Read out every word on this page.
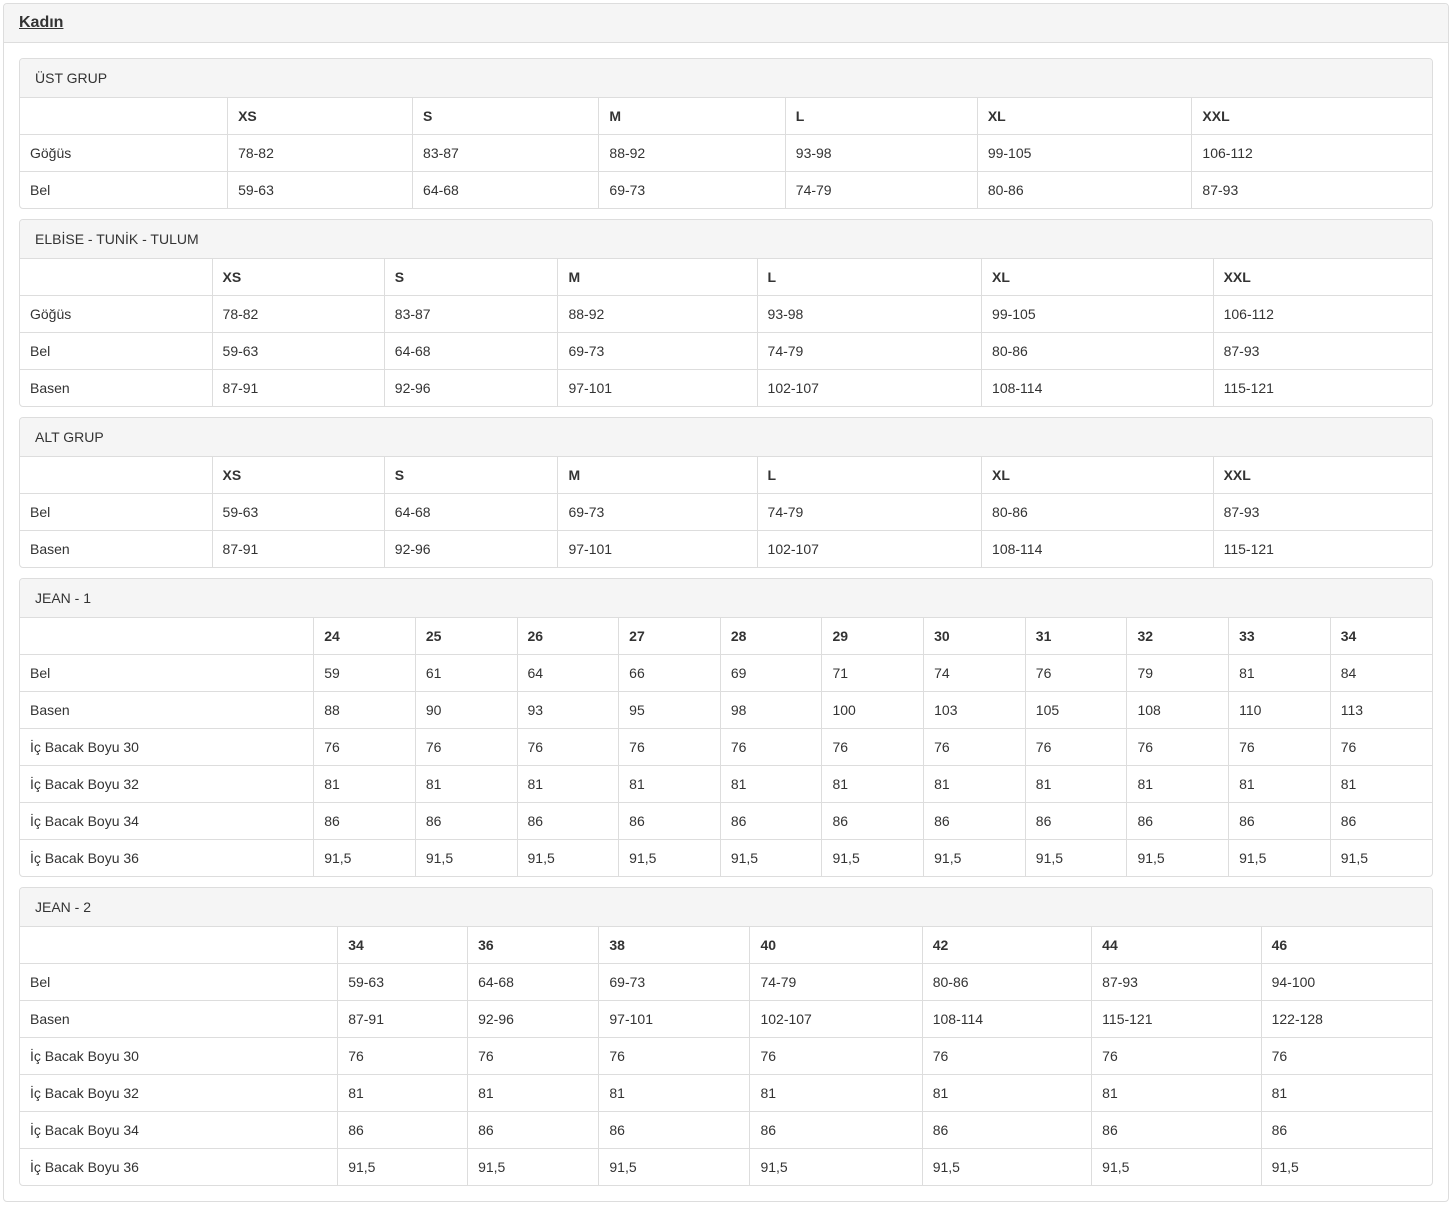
Kadın
ÜST GRUP
	XS	S	M	L	XL	XXL
Göğüs	78-82	83-87	88-92	93-98	99-105	106-112
Bel	59-63	64-68	69-73	74-79	80-86	87-93
ELBİSE - TUNİK - TULUM
	XS	S	M	L	XL	XXL
Göğüs	78-82	83-87	88-92	93-98	99-105	106-112
Bel	59-63	64-68	69-73	74-79	80-86	87-93
Basen	87-91	92-96	97-101	102-107	108-114	115-121
ALT GRUP
	XS	S	M	L	XL	XXL
Bel	59-63	64-68	69-73	74-79	80-86	87-93
Basen	87-91	92-96	97-101	102-107	108-114	115-121
JEAN - 1
	24	25	26	27	28	29	30	31	32	33	34
Bel	59	61	64	66	69	71	74	76	79	81	84
Basen	88	90	93	95	98	100	103	105	108	110	113
İç Bacak Boyu 30	76	76	76	76	76	76	76	76	76	76	76
İç Bacak Boyu 32	81	81	81	81	81	81	81	81	81	81	81
İç Bacak Boyu 34	86	86	86	86	86	86	86	86	86	86	86
İç Bacak Boyu 36	91,5	91,5	91,5	91,5	91,5	91,5	91,5	91,5	91,5	91,5	91,5
JEAN - 2
	34	36	38	40	42	44	46
Bel	59-63	64-68	69-73	74-79	80-86	87-93	94-100
Basen	87-91	92-96	97-101	102-107	108-114	115-121	122-128
İç Bacak Boyu 30	76	76	76	76	76	76	76
İç Bacak Boyu 32	81	81	81	81	81	81	81
İç Bacak Boyu 34	86	86	86	86	86	86	86
İç Bacak Boyu 36	91,5	91,5	91,5	91,5	91,5	91,5	91,5
